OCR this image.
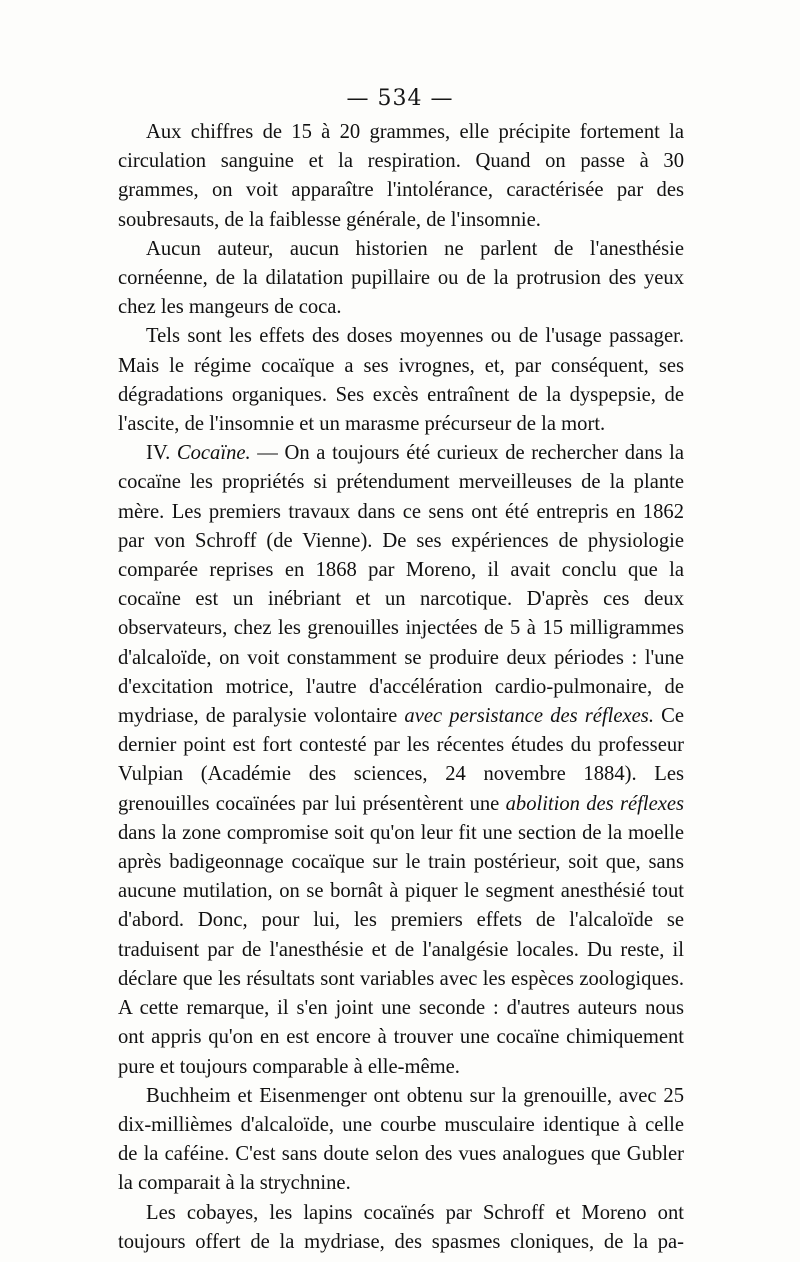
— 534 —

Aux chiffres de 15 à 20 grammes, elle précipite fortement la circulation sanguine et la respiration. Quand on passe à 30 grammes, on voit apparaître l'intolérance, caractérisée par des soubresauts, de la faiblesse générale, de l'insomnie.

Aucun auteur, aucun historien ne parlent de l'anesthésie cornéenne, de la dilatation pupillaire ou de la protrusion des yeux chez les mangeurs de coca.

Tels sont les effets des doses moyennes ou de l'usage passager. Mais le régime cocaïque a ses ivrognes, et, par conséquent, ses dégradations organiques. Ses excès entraînent de la dyspepsie, de l'ascite, de l'insomnie et un marasme précurseur de la mort.

IV. Cocaïne. — On a toujours été curieux de rechercher dans la cocaïne les propriétés si prétendument merveilleuses de la plante mère. Les premiers travaux dans ce sens ont été entrepris en 1862 par von Schroff (de Vienne). De ses expériences de physiologie comparée reprises en 1868 par Moreno, il avait conclu que la cocaïne est un inébriant et un narcotique. D'après ces deux observateurs, chez les grenouilles injectées de 5 à 15 milligrammes d'alcaloïde, on voit constamment se produire deux périodes : l'une d'excitation motrice, l'autre d'accélération cardio-pulmonaire, de mydriase, de paralysie volontaire avec persistance des réflexes. Ce dernier point est fort contesté par les récentes études du professeur Vulpian (Académie des sciences, 24 novembre 1884). Les grenouilles cocaïnées par lui présentèrent une abolition des réflexes dans la zone compromise soit qu'on leur fit une section de la moelle après badigeonnage cocaïque sur le train postérieur, soit que, sans aucune mutilation, on se bornât à piquer le segment anesthésié tout d'abord. Donc, pour lui, les premiers effets de l'alcaloïde se traduisent par de l'anesthésie et de l'analgésie locales. Du reste, il déclare que les résultats sont variables avec les espèces zoologiques. A cette remarque, il s'en joint une seconde : d'autres auteurs nous ont appris qu'on en est encore à trouver une cocaïne chimiquement pure et toujours comparable à elle-même.

Buchheim et Eisenmenger ont obtenu sur la grenouille, avec 25 dix-millièmes d'alcaloïde, une courbe musculaire identique à celle de la caféine. C'est sans doute selon des vues analogues que Gubler la comparait à la strychnine.

Les cobayes, les lapins cocaïnés par Schroff et Moreno ont toujours offert de la mydriase, des spasmes cloniques, de la pa-
